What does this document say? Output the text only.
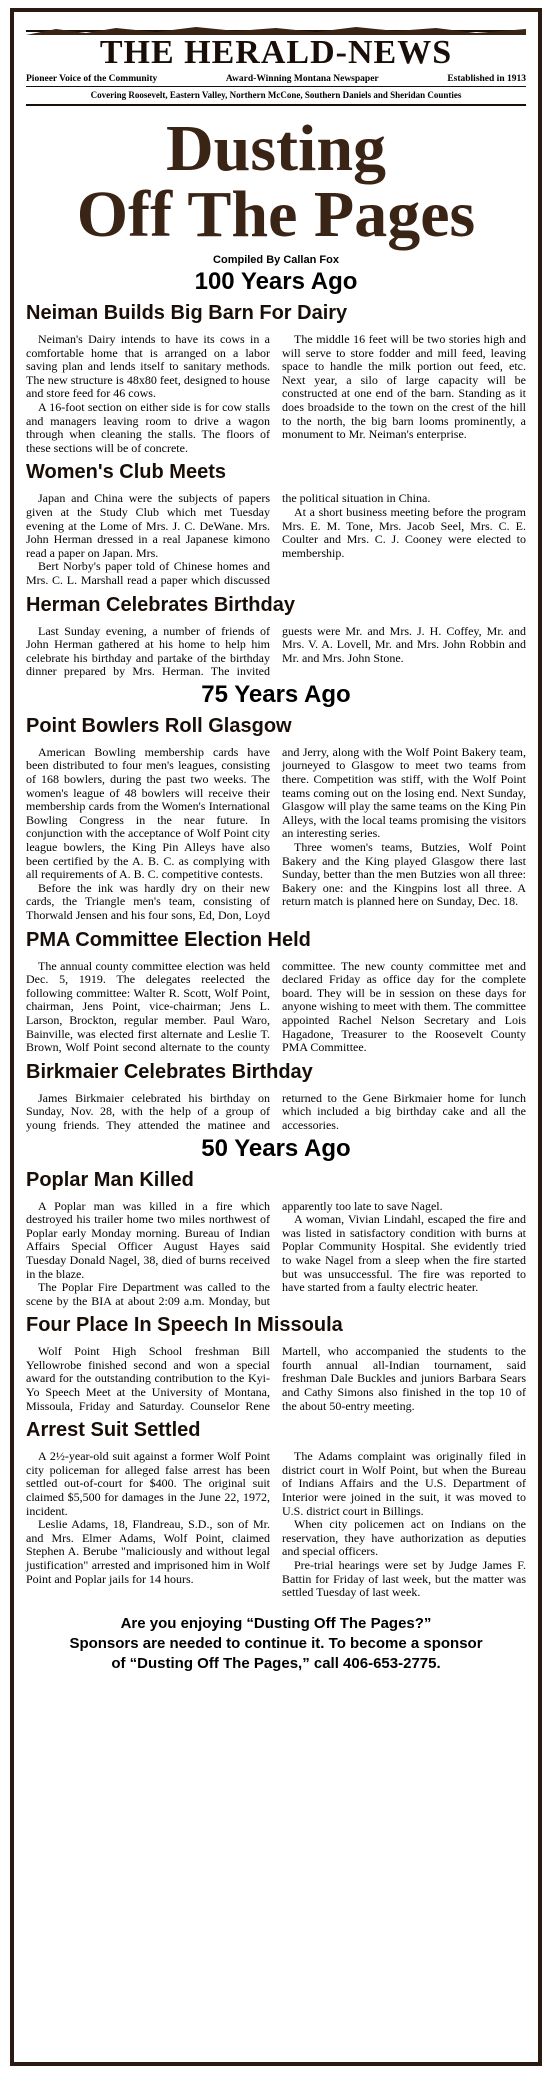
THE HERALD-NEWS
Pioneer Voice of the Community	Award-Winning Montana Newspaper	Established in 1913
Covering Roosevelt, Eastern Valley, Northern McCone, Southern Daniels and Sheridan Counties
Dusting
Off The Pages
Compiled By Callan Fox
100 Years Ago
Neiman Builds Big Barn For Dairy

Neiman's Dairy intends to have its cows in a comfortable home that is arranged on a labor saving plan and lends itself to sanitary methods. The new structure is 48x80 feet, designed to house and store feed for 46 cows.

A 16-foot section on either side is for cow stalls and managers leaving room to drive a wagon through when cleaning the stalls. The floors of these sections will be of concrete.

The middle 16 feet will be two stories high and will serve to store fodder and mill feed, leaving space to handle the milk portion out feed, etc. Next year, a silo of large capacity will be constructed at one end of the barn. Standing as it does broadside to the town on the crest of the hill to the north, the big barn looms prominently, a monument to Mr. Neiman's enterprise.

Women's Club Meets

Japan and China were the subjects of papers given at the Study Club which met Tuesday evening at the Lome of Mrs. J. C. DeWane. Mrs. John Herman dressed in a real Japanese kimono read a paper on Japan. Mrs.

Bert Norby's paper told of Chinese homes and Mrs. C. L. Marshall read a paper which discussed the political situation in China.

At a short business meeting before the program Mrs. E. M. Tone, Mrs. Jacob Seel, Mrs. C. E. Coulter and Mrs. C. J. Cooney were elected to membership.

Herman Celebrates Birthday

Last Sunday evening, a number of friends of John Herman gathered at his home to help him celebrate his birthday and partake of the birthday dinner prepared by Mrs. Herman. The invited guests were Mr. and Mrs. J. H. Coffey, Mr. and Mrs. V. A. Lovell, Mr. and Mrs. John Robbin and Mr. and Mrs. John Stone.

75 Years Ago
Point Bowlers Roll Glasgow

American Bowling membership cards have been distributed to four men's leagues, consisting of 168 bowlers, during the past two weeks. The women's league of 48 bowlers will receive their membership cards from the Women's International Bowling Congress in the near future. In conjunction with the acceptance of Wolf Point city league bowlers, the King Pin Alleys have also been certified by the A. B. C. as complying with all requirements of A. B. C. competitive contests.

Before the ink was hardly dry on their new cards, the Triangle men's team, consisting of Thorwald Jensen and his four sons, Ed, Don, Loyd and Jerry, along with the Wolf Point Bakery team, journeyed to Glasgow to meet two teams from there. Competition was stiff, with the Wolf Point teams coming out on the losing end. Next Sunday, Glasgow will play the same teams on the King Pin Alleys, with the local teams promising the visitors an interesting series.

Three women's teams, Butzies, Wolf Point Bakery and the King played Glasgow there last Sunday, better than the men Butzies won all three: Bakery one: and the Kingpins lost all three. A return match is planned here on Sunday, Dec. 18.

PMA Committee Election Held

The annual county committee election was held Dec. 5, 1919. The delegates reelected the following committee: Walter R. Scott, Wolf Point, chairman, Jens Point, vice-chairman; Jens L. Larson, Brockton, regular member. Paul Waro, Bainville, was elected first alternate and Leslie T. Brown, Wolf Point second alternate to the county committee. The new county committee met and declared Friday as office day for the complete board. They will be in session on these days for anyone wishing to meet with them. The committee appointed Rachel Nelson Secretary and Lois Hagadone, Treasurer to the Roosevelt County PMA Committee.

Birkmaier Celebrates Birthday

James Birkmaier celebrated his birthday on Sunday, Nov. 28, with the help of a group of young friends. They attended the matinee and returned to the Gene Birkmaier home for lunch which included a big birthday cake and all the accessories.

50 Years Ago
Poplar Man Killed

A Poplar man was killed in a fire which destroyed his trailer home two miles northwest of Poplar early Monday morning. Bureau of Indian Affairs Special Officer August Hayes said Tuesday Donald Nagel, 38, died of burns received in the blaze.

The Poplar Fire Department was called to the scene by the BIA at about 2:09 a.m. Monday, but apparently too late to save Nagel.

A woman, Vivian Lindahl, escaped the fire and was listed in satisfactory condition with burns at Poplar Community Hospital. She evidently tried to wake Nagel from a sleep when the fire started but was unsuccessful. The fire was reported to have started from a faulty electric heater.

Four Place In Speech In Missoula

Wolf Point High School freshman Bill Yellowrobe finished second and won a special award for the outstanding contribution to the Kyi-Yo Speech Meet at the University of Montana, Missoula, Friday and Saturday. Counselor Rene Martell, who accompanied the students to the fourth annual all-Indian tournament, said freshman Dale Buckles and juniors Barbara Sears and Cathy Simons also finished in the top 10 of the about 50-entry meeting.

Arrest Suit Settled

A 2½-year-old suit against a former Wolf Point city policeman for alleged false arrest has been settled out-of-court for $400. The original suit claimed $5,500 for damages in the June 22, 1972, incident.

Leslie Adams, 18, Flandreau, S.D., son of Mr. and Mrs. Elmer Adams, Wolf Point, claimed Stephen A. Berube "maliciously and without legal justification" arrested and imprisoned him in Wolf Point and Poplar jails for 14 hours.

The Adams complaint was originally filed in district court in Wolf Point, but when the Bureau of Indians Affairs and the U.S. Department of Interior were joined in the suit, it was moved to U.S. district court in Billings.

When city policemen act on Indians on the reservation, they have authorization as deputies and special officers.

Pre-trial hearings were set by Judge James F. Battin for Friday of last week, but the matter was settled Tuesday of last week.

Are you enjoying “Dusting Off The Pages?”
Sponsors are needed to continue it. To become a sponsor
of “Dusting Off The Pages,” call 406-653-2775.
